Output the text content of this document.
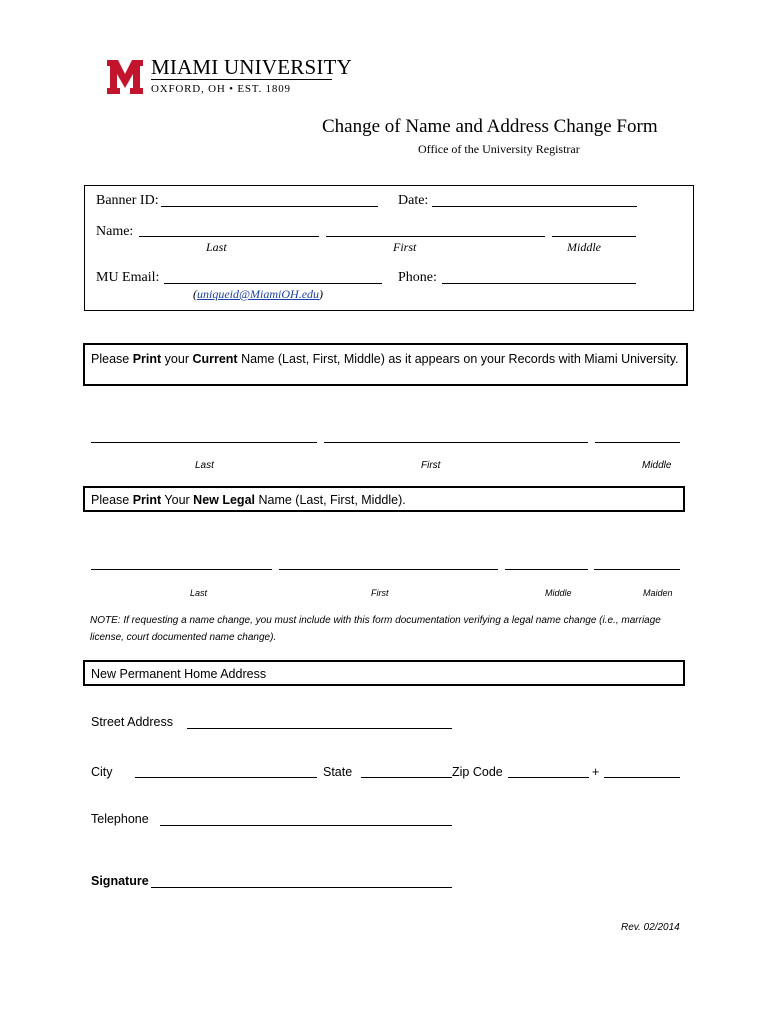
MIAMI UNIVERSITY
OXFORD, OH • EST. 1809
Change of Name and Address Change Form
Office of the University Registrar
Banner ID:	Date:
Name:
Last	First	Middle
MU Email:	Phone:
(uniqueid@MiamiOH.edu)
Please Print your Current Name (Last, First, Middle) as it appears on your Records with Miami University.
Last	First	Middle
Please Print Your New Legal Name (Last, First, Middle).
Last	First	Middle	Maiden
NOTE: If requesting a name change, you must include with this form documentation verifying a legal name change (i.e., marriage license, court documented name change).
New Permanent Home Address
Street Address
City	State	Zip Code	+
Telephone
Signature
Rev. 02/2014
